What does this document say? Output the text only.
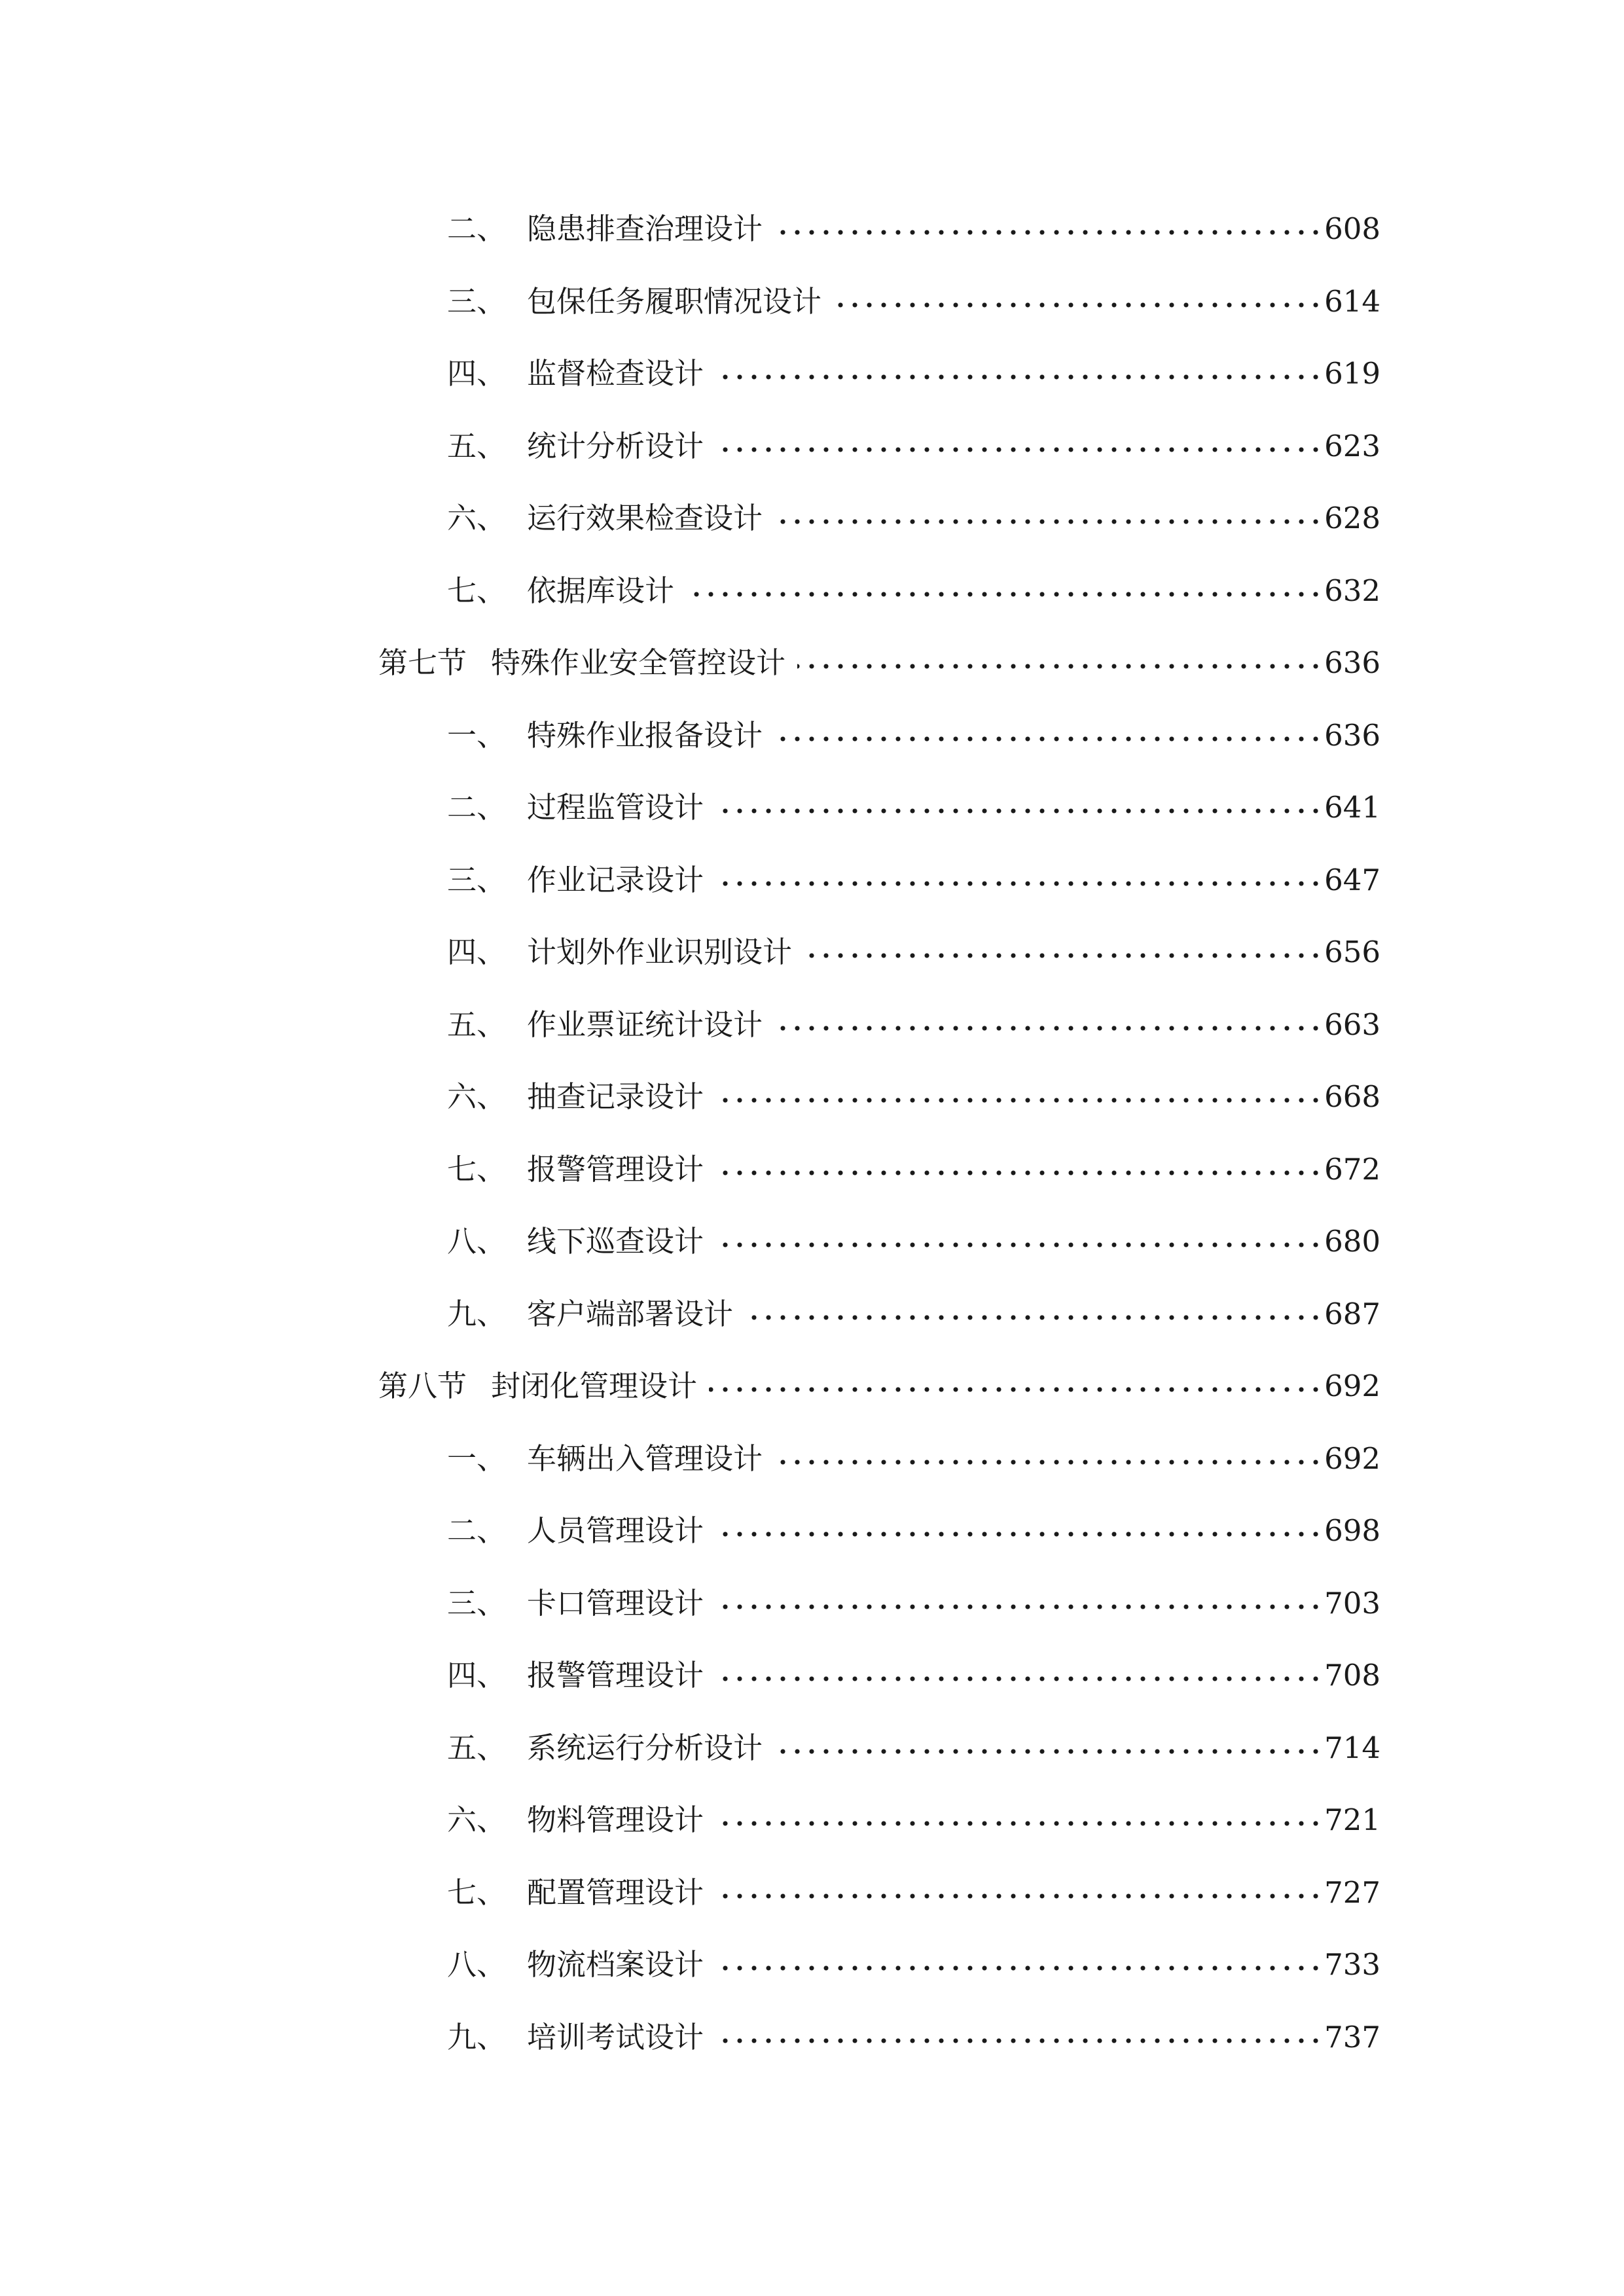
二、 隐患排查治理设计	608
三、 包保任务履职情况设计	614
四、 监督检查设计	619
五、 统计分析设计	623
六、 运行效果检查设计	628
七、 依据库设计	632
第七节 特殊作业安全管控设计	636
一、 特殊作业报备设计	636
二、 过程监管设计	641
三、 作业记录设计	647
四、 计划外作业识别设计	656
五、 作业票证统计设计	663
六、 抽查记录设计	668
七、 报警管理设计	672
八、 线下巡查设计	680
九、 客户端部署设计	687
第八节 封闭化管理设计	692
一、 车辆出入管理设计	692
二、 人员管理设计	698
三、 卡口管理设计	703
四、 报警管理设计	708
五、 系统运行分析设计	714
六、 物料管理设计	721
七、 配置管理设计	727
八、 物流档案设计	733
九、 培训考试设计	737
